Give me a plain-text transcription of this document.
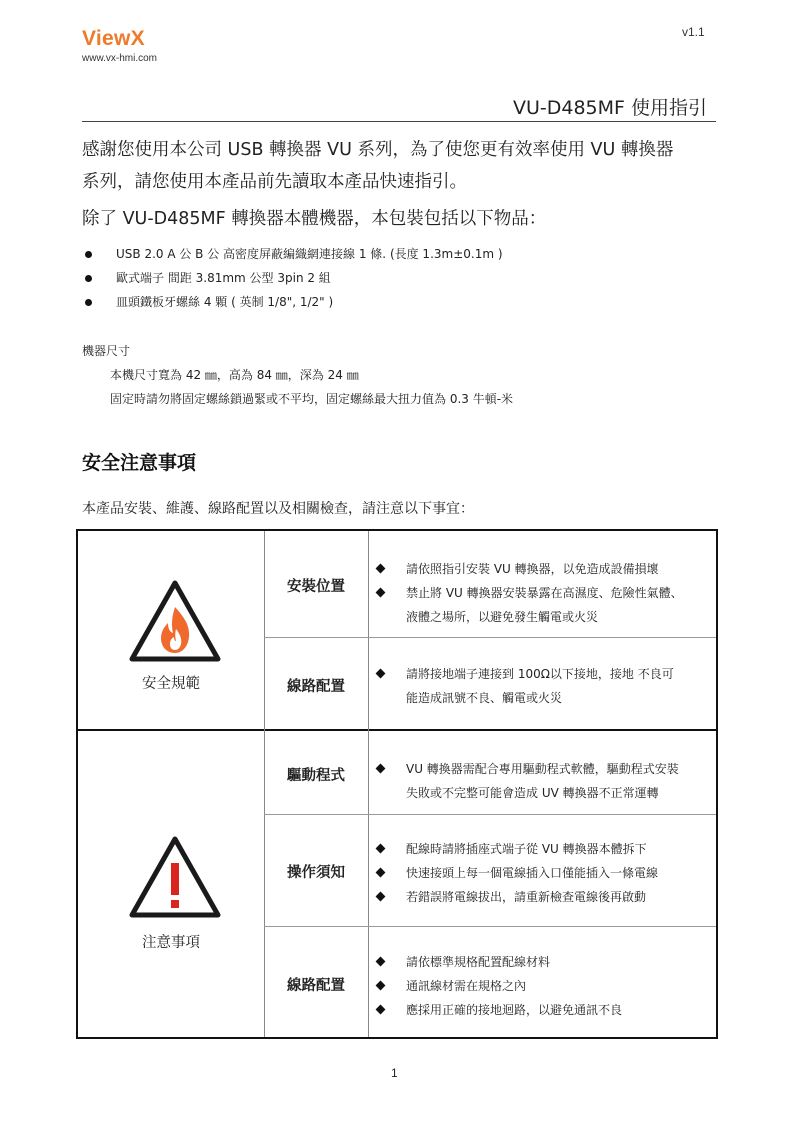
ViewX
www.vx-hmi.com
v1.1
VU-D485MF 使用指引
感謝您使用本公司 USB 轉換器 VU 系列，為了使您更有效率使用 VU 轉換器
系列，請您使用本產品前先讀取本產品快速指引。
除了 VU-D485MF 轉換器本體機器，本包裝包括以下物品：
USB 2.0 A 公 B 公 高密度屏蔽編織網連接線 1 條. (長度 1.3m±0.1m )
歐式端子 間距 3.81mm 公型 3pin 2 組
皿頭鐵板牙螺絲 4 顆 ( 英制 1/8", 1/2" )
機器尺寸
本機尺寸寬為 42 ㎜，高為 84 ㎜，深為 24 ㎜
固定時請勿將固定螺絲鎖過緊或不平均，固定螺絲最大扭力值為 0.3 牛頓-米
安全注意事項
本產品安裝、維護、線路配置以及相關檢查，請注意以下事宜：
安全規範
安裝位置
請依照指引安裝 VU 轉換器，以免造成設備損壞
禁止將 VU 轉換器安裝暴露在高濕度、危險性氣體、
液體之場所，以避免發生觸電或火災
線路配置
請將接地端子連接到 100Ω以下接地，接地 不良可
能造成訊號不良、觸電或火災
注意事項
驅動程式	VU 轉換器需配合專用驅動程式軟體，驅動程式安裝
失敗或不完整可能會造成 UV 轉換器不正常運轉
操作須知
配線時請將插座式端子從 VU 轉換器本體拆下
快速接頭上每一個電線插入口僅能插入一條電線
若錯誤將電線拔出，請重新檢查電線後再啟動
線路配置
請依標準規格配置配線材料
通訊線材需在規格之內
應採用正確的接地迴路，以避免通訊不良
1
